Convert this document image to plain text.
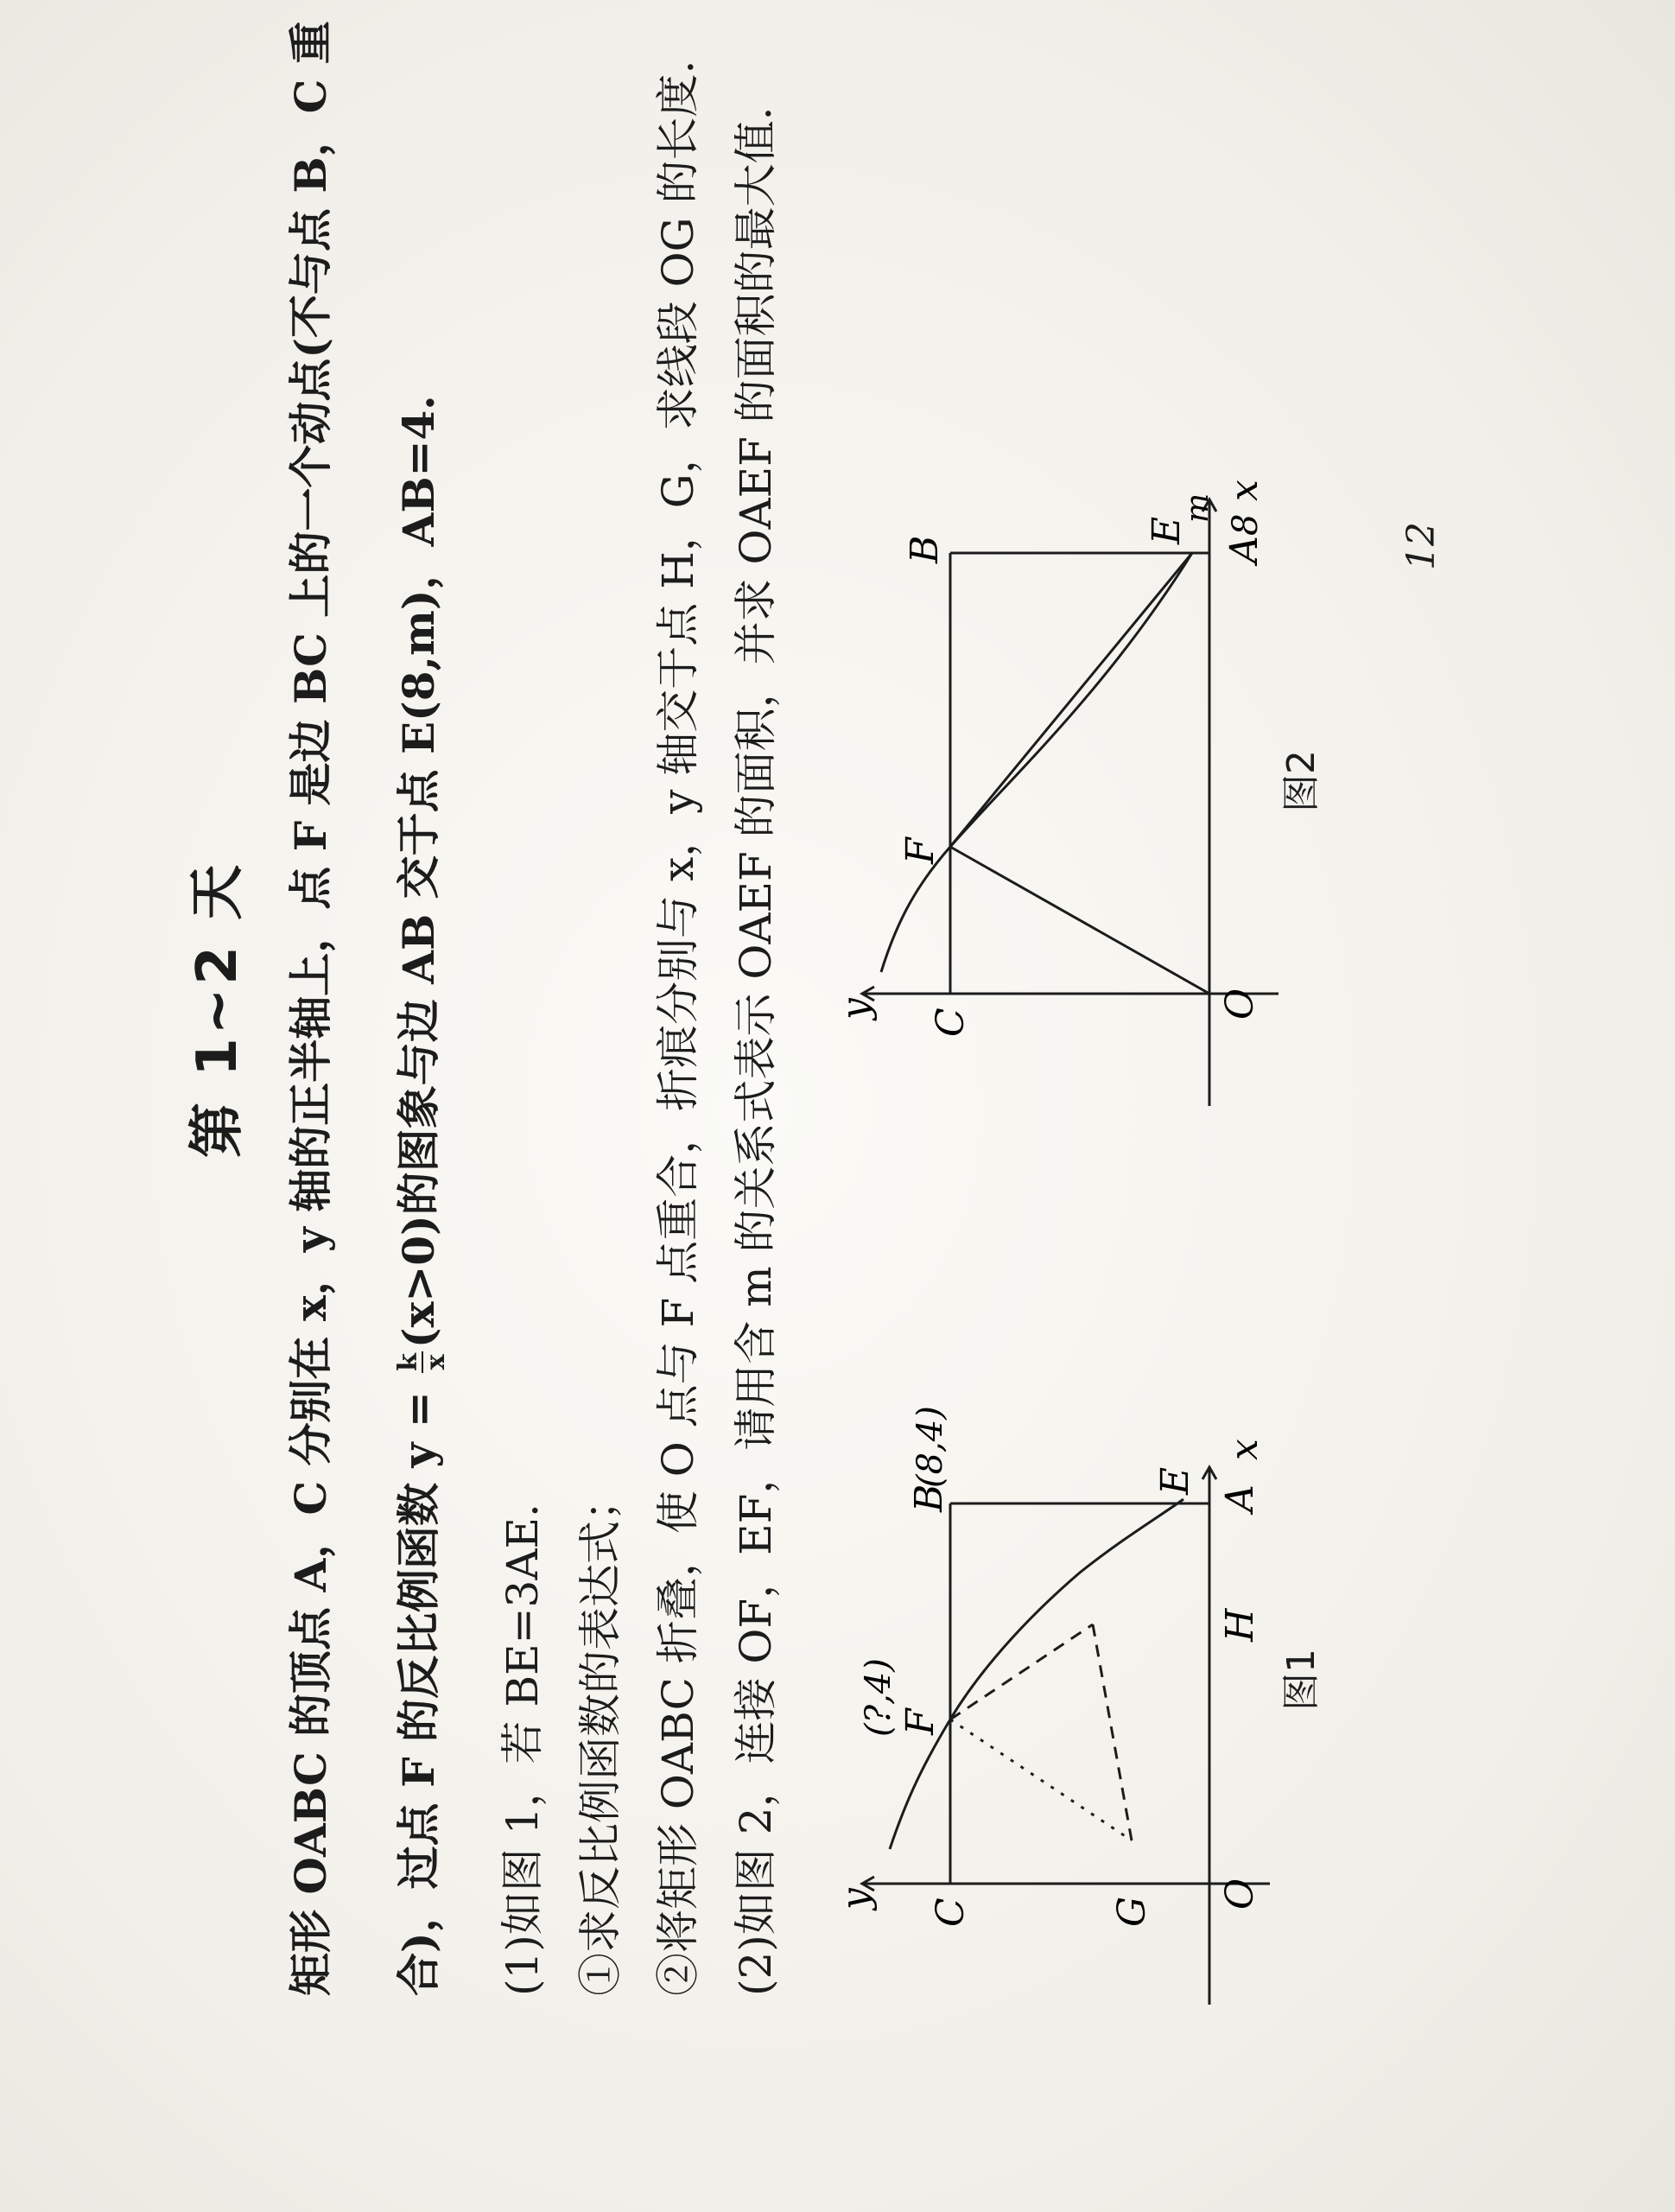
第 1~2 天 矩形 OABC 的顶点 A，C 分别在 x，y 轴的正半轴上，点 F 是边 BC 上的一个动点(不与点 B，C 重 合)，过点 F 的反比例函数 y =
k
x
(x>0)的图象与边 AB 交于点 E(8,m)，AB=4.
(1)如图 1，若 BE=3AE. ①求反比例函数的表达式； ②将矩形 OABC 折叠，使 O 点与 F 点重合，折痕分别与 x，y 轴交于点 H，G，求线段 OG 的长度. (2)如图 2，连接 OF，EF，请用含 m 的关系式表示 OAEF 的面积，并求 OAEF 的面积的最大值. y
x
O
C	G
F
H
A
E
B
(8,4)
(?,4)	图1
y
x
O
C
F
B
E
A
8
m
图2
12
